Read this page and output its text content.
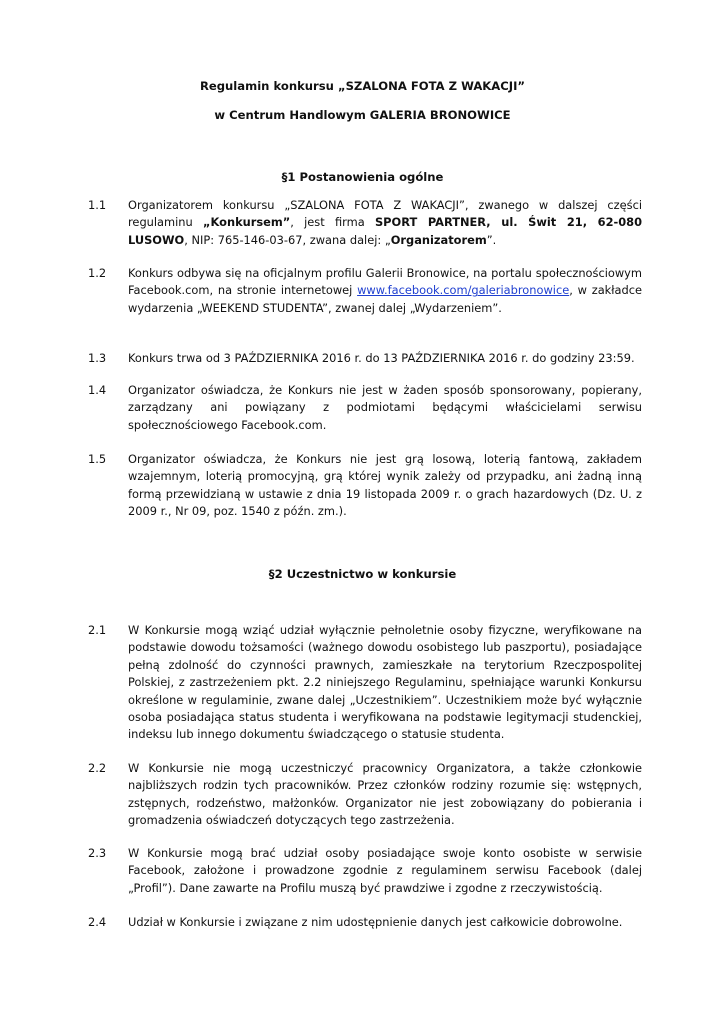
Regulamin konkursu „SZALONA FOTA Z WAKACJI”
w Centrum Handlowym GALERIA BRONOWICE
§1 Postanowienia ogólne
1.1 Organizatorem konkursu „SZALONA FOTA Z WAKACJI”, zwanego w dalszej części regulaminu „Konkursem”, jest firma SPORT PARTNER, ul. Świt 21, 62-080 LUSOWO, NIP: 765-146-03-67, zwana dalej: „Organizatorem”.
1.2 Konkurs odbywa się na oficjalnym profilu Galerii Bronowice, na portalu społecznościowym Facebook.com, na stronie internetowej www.facebook.com/galeriabronowice, w zakładce wydarzenia „WEEKEND STUDENTA”, zwanej dalej „Wydarzeniem”.
1.3 Konkurs trwa od 3 PAŹDZIERNIKA 2016 r. do 13 PAŹDZIERNIKA 2016 r. do godziny 23:59.
1.4 Organizator oświadcza, że Konkurs nie jest w żaden sposób sponsorowany, popierany, zarządzany ani powiązany z podmiotami będącymi właścicielami serwisu społecznościowego Facebook.com.
1.5 Organizator oświadcza, że Konkurs nie jest grą losową, loterią fantową, zakładem wzajemnym, loterią promocyjną, grą której wynik zależy od przypadku, ani żadną inną formą przewidzianą w ustawie z dnia 19 listopada 2009 r. o grach hazardowych (Dz. U. z 2009 r., Nr 09, poz. 1540 z późn. zm.).
§2 Uczestnictwo w konkursie
2.1 W Konkursie mogą wziąć udział wyłącznie pełnoletnie osoby fizyczne, weryfikowane na podstawie dowodu tożsamości (ważnego dowodu osobistego lub paszportu), posiadające pełną zdolność do czynności prawnych, zamieszkałe na terytorium Rzeczpospolitej Polskiej, z zastrzeżeniem pkt. 2.2 niniejszego Regulaminu, spełniające warunki Konkursu określone w regulaminie, zwane dalej „Uczestnikiem”. Uczestnikiem może być wyłącznie osoba posiadająca status studenta i weryfikowana na podstawie legitymacji studenckiej, indeksu lub innego dokumentu świadczącego o statusie studenta.
2.2 W Konkursie nie mogą uczestniczyć pracownicy Organizatora, a także członkowie najbliższych rodzin tych pracowników. Przez członków rodziny rozumie się: wstępnych, zstępnych, rodzeństwo, małżonków. Organizator nie jest zobowiązany do pobierania i gromadzenia oświadczeń dotyczących tego zastrzeżenia.
2.3 W Konkursie mogą brać udział osoby posiadające swoje konto osobiste w serwisie Facebook, założone i prowadzone zgodnie z regulaminem serwisu Facebook (dalej „Profil”). Dane zawarte na Profilu muszą być prawdziwe i zgodne z rzeczywistością.
2.4 Udział w Konkursie i związane z nim udostępnienie danych jest całkowicie dobrowolne.
